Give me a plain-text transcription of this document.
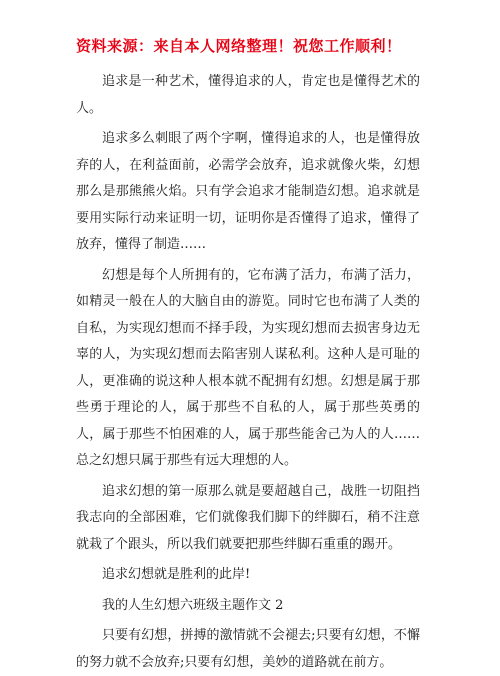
资料来源：来自本人网络整理！祝您工作顺利！

追求是一种艺术，懂得追求的人，肯定也是懂得艺术的人。

追求多么刺眼了两个字啊，懂得追求的人，也是懂得放弃的人，在利益面前，必需学会放弃，追求就像火柴，幻想那么是那熊熊火焰。只有学会追求才能制造幻想。追求就是要用实际行动来证明一切，证明你是否懂得了追求，懂得了放弃，懂得了制造……

幻想是每个人所拥有的，它布满了活力，布满了活力，如精灵一般在人的大脑自由的游览。同时它也布满了人类的自私，为实现幻想而不择手段，为实现幻想而去损害身边无辜的人，为实现幻想而去陷害别人谋私利。这种人是可耻的人，更准确的说这种人根本就不配拥有幻想。幻想是属于那些勇于理论的人，属于那些不自私的人，属于那些英勇的人，属于那些不怕困难的人，属于那些能舍己为人的人……总之幻想只属于那些有远大理想的人。

追求幻想的第一原那么就是要超越自己，战胜一切阻挡我志向的全部困难，它们就像我们脚下的绊脚石，稍不注意就栽了个跟头，所以我们就要把那些绊脚石重重的踢开。

追求幻想就是胜利的此岸!

我的人生幻想六班级主题作文 2

只要有幻想，拼搏的激情就不会褪去;只要有幻想，不懈的努力就不会放弃;只要有幻想，美妙的道路就在前方。
